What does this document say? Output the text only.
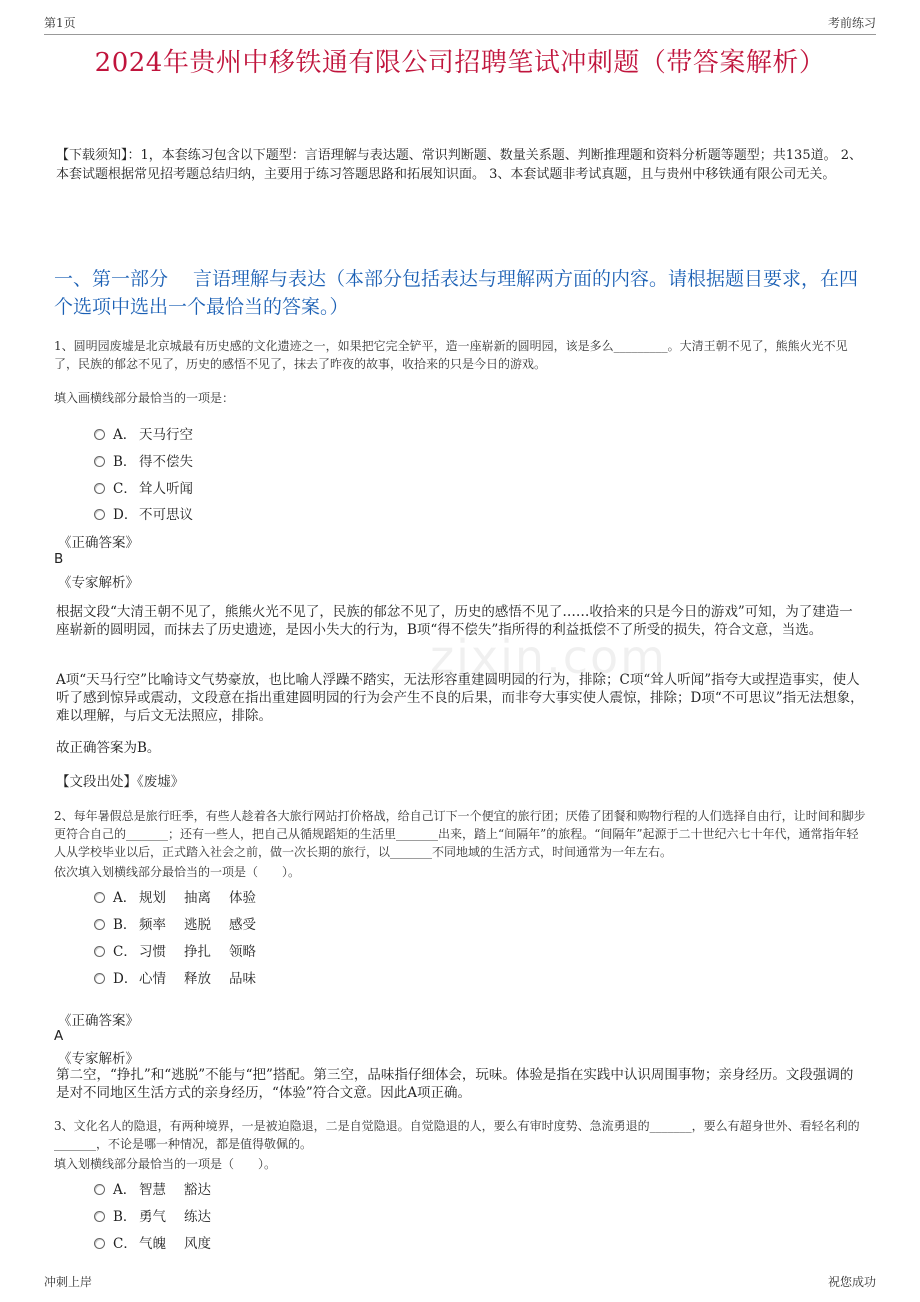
第1页	考前练习
2024年贵州中移铁通有限公司招聘笔试冲刺题（带答案解析）
【下载须知】：1，本套练习包含以下题型：言语理解与表达题、常识判断题、数量关系题、判断推理题和资料分析题等题型；共135道。 2、本套试题根据常见招考题总结归纳，主要用于练习答题思路和拓展知识面。 3、本套试题非考试真题，且与贵州中移铁通有限公司无关。
一、第一部分　 言语理解与表达（本部分包括表达与理解两方面的内容。请根据题目要求，在四个选项中选出一个最恰当的答案。）
zixin.com
1、圆明园废墟是北京城最有历史感的文化遗迹之一，如果把它完全铲平，造一座崭新的圆明园，该是多么_________。大清王朝不见了，熊熊火光不见了，民族的郁忿不见了，历史的感悟不见了，抹去了昨夜的故事，收拾来的只是今日的游戏。
填入画横线部分最恰当的一项是：
A． 天马行空
B． 得不偿失
C． 耸人听闻
D． 不可思议
《正确答案》
B
《专家解析》
根据文段“大清王朝不见了，熊熊火光不见了，民族的郁忿不见了，历史的感悟不见了……收拾来的只是今日的游戏”可知，为了建造一座崭新的圆明园，而抹去了历史遗迹，是因小失大的行为，B项“得不偿失”指所得的利益抵偿不了所受的损失，符合文意，当选。
A项“天马行空”比喻诗文气势豪放，也比喻人浮躁不踏实，无法形容重建圆明园的行为，排除；C项“耸人听闻”指夸大或捏造事实，使人听了感到惊异或震动，文段意在指出重建圆明园的行为会产生不良的后果，而非夸大事实使人震惊，排除；D项“不可思议”指无法想象，难以理解，与后文无法照应，排除。
故正确答案为B。
【文段出处】《废墟》
2、每年暑假总是旅行旺季，有些人趁着各大旅行网站打价格战，给自己订下一个便宜的旅行团；厌倦了团餐和购物行程的人们选择自由行，让时间和脚步更符合自己的_______；还有一些人，把自己从循规蹈矩的生活里_______出来，踏上“间隔年”的旅程。“间隔年”起源于二十世纪六七十年代，通常指年轻人从学校毕业以后，正式踏入社会之前，做一次长期的旅行，以_______不同地域的生活方式，时间通常为一年左右。
依次填入划横线部分最恰当的一项是（　　）。
A． 规划 抽离 体验
B． 频率 逃脱 感受
C． 习惯 挣扎 领略
D． 心情 释放 品味
《正确答案》
A
《专家解析》
第二空，“挣扎”和“逃脱”不能与“把”搭配。第三空，品味指仔细体会，玩味。体验是指在实践中认识周围事物；亲身经历。文段强调的是对不同地区生活方式的亲身经历，“体验”符合文意。因此A项正确。
3、文化名人的隐退，有两种境界，一是被迫隐退，二是自觉隐退。自觉隐退的人，要么有审时度势、急流勇退的_______，要么有超身世外、看轻名利的_______，不论是哪一种情况，都是值得敬佩的。
填入划横线部分最恰当的一项是（　　）。
A． 智慧 豁达
B． 勇气 练达
C． 气魄 风度
冲刺上岸	祝您成功
